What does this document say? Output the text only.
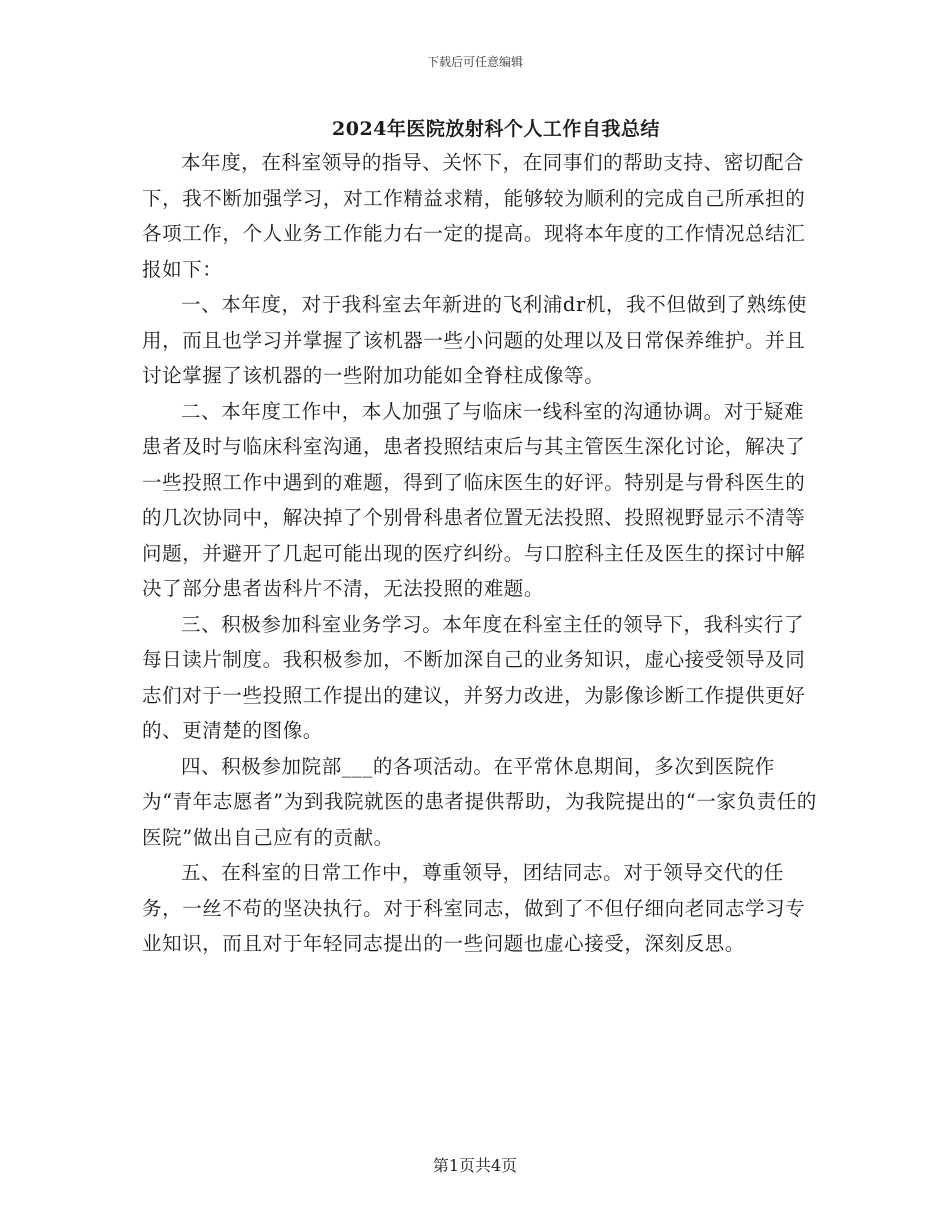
下载后可任意编辑
2024年医院放射科个人工作自我总结

本年度，在科室领导的指导、关怀下，在同事们的帮助支持、密切配合下，我不断加强学习，对工作精益求精，能够较为顺利的完成自己所承担的各项工作，个人业务工作能力右一定的提高。现将本年度的工作情况总结汇报如下：

一、本年度，对于我科室去年新进的飞利浦dr机，我不但做到了熟练使用，而且也学习并掌握了该机器一些小问题的处理以及日常保养维护。并且讨论掌握了该机器的一些附加功能如全脊柱成像等。

二、本年度工作中，本人加强了与临床一线科室的沟通协调。对于疑难患者及时与临床科室沟通，患者投照结束后与其主管医生深化讨论，解决了一些投照工作中遇到的难题，得到了临床医生的好评。特别是与骨科医生的的几次协同中，解决掉了个别骨科患者位置无法投照、投照视野显示不清等问题，并避开了几起可能出现的医疗纠纷。与口腔科主任及医生的探讨中解决了部分患者齿科片不清，无法投照的难题。

三、积极参加科室业务学习。本年度在科室主任的领导下，我科实行了每日读片制度。我积极参加，不断加深自己的业务知识，虚心接受领导及同志们对于一些投照工作提出的建议，并努力改进，为影像诊断工作提供更好的、更清楚的图像。

四、积极参加院部___的各项活动。在平常休息期间，多次到医院作为“青年志愿者”为到我院就医的患者提供帮助，为我院提出的“一家负责任的医院”做出自己应有的贡献。

五、在科室的日常工作中，尊重领导，团结同志。对于领导交代的任务，一丝不苟的坚决执行。对于科室同志，做到了不但仔细向老同志学习专业知识，而且对于年轻同志提出的一些问题也虚心接受，深刻反思。

第1页共4页
